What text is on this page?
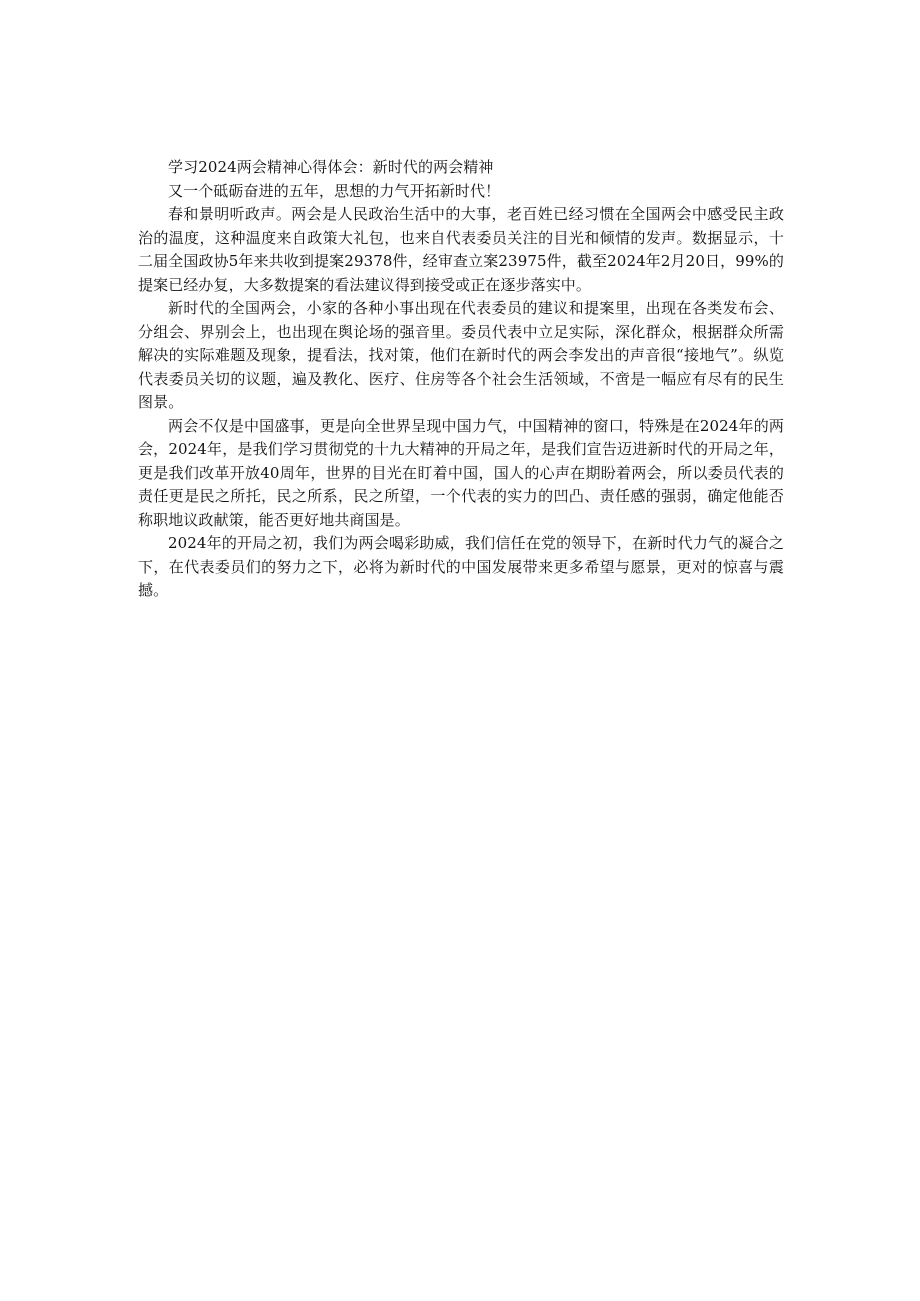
学习2024两会精神心得体会：新时代的两会精神

又一个砥砺奋进的五年，思想的力气开拓新时代！

春和景明听政声。两会是人民政治生活中的大事，老百姓已经习惯在全国两会中感受民主政治的温度，这种温度来自政策大礼包，也来自代表委员关注的目光和倾情的发声。数据显示，十二届全国政协5年来共收到提案29378件，经审查立案23975件，截至2024年2月20日，99%的提案已经办复，大多数提案的看法建议得到接受或正在逐步落实中。

新时代的全国两会，小家的各种小事出现在代表委员的建议和提案里，出现在各类发布会、分组会、界别会上，也出现在舆论场的强音里。委员代表中立足实际，深化群众，根据群众所需解决的实际难题及现象，提看法，找对策，他们在新时代的两会李发出的声音很“接地气”。纵览代表委员关切的议题，遍及教化、医疗、住房等各个社会生活领域，不啻是一幅应有尽有的民生图景。

两会不仅是中国盛事，更是向全世界呈现中国力气，中国精神的窗口，特殊是在2024年的两会，2024年，是我们学习贯彻党的十九大精神的开局之年，是我们宣告迈进新时代的开局之年，更是我们改革开放40周年，世界的目光在盯着中国，国人的心声在期盼着两会，所以委员代表的责任更是民之所托，民之所系，民之所望，一个代表的实力的凹凸、责任感的强弱，确定他能否称职地议政献策，能否更好地共商国是。

2024年的开局之初，我们为两会喝彩助威，我们信任在党的领导下，在新时代力气的凝合之下，在代表委员们的努力之下，必将为新时代的中国发展带来更多希望与愿景，更对的惊喜与震撼。
